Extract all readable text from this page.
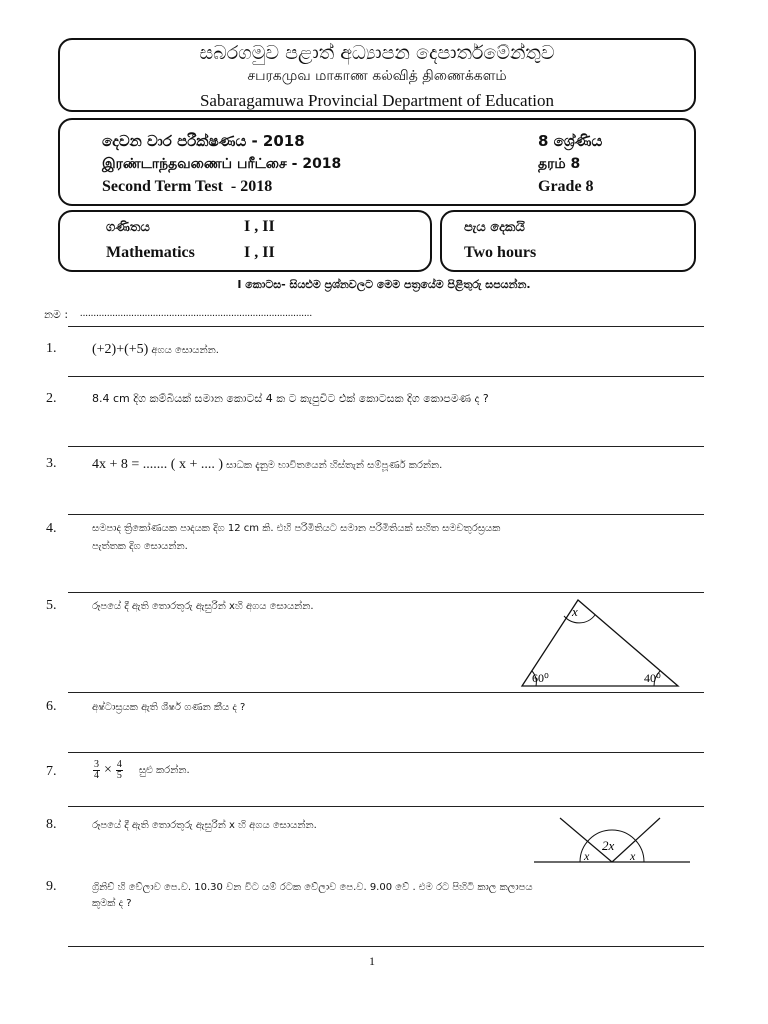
සබරගමුව පළාත් අධ්‍යාපන දෙපාර්තමේන්තුව
சபரகமுவ மாகாண கல்வித் திணைக்களம்
Sabaragamuwa Provincial Department of Education
දෙවන වාර පරීක්ෂණය - 2018
இரண்டாந்தவணைப் பரீட்சை - 2018
Second Term Test  - 2018
8 ශ්‍රේණිය
தரம் 8
Grade 8
ගණිතය	I , II
Mathematics	I , II
පැය දෙකයි
Two hours
I කොටස- සියළුම ප්‍රශ්නවලට මෙම පත්‍රයේම පිළිතුරු සපයන්න.
නම : ......................................................................................
1.	(+2)+(+5) අගය සොයන්න.
2.	8.4 cm දිග කම්බියක් සමාන කොටස් 4 ක ට කැපුවිට එක් කොටසක දිග කොපමණ ද ?
3.	4x + 8 = ....... ( x + .... ) සාධක දැනුම භාවිතයෙන් හිස්තැන් සම්පූර්ණ කරන්න.
4.	සමපාද ත්‍රිකෝණයක පාදයක දිග 12 cm කි. එහි පරිමිතියට සමාන පරිමිතියක් සහිත සමචතුරස්‍රයක
පැත්තක දිග සොයන්න.
5.	රූපයේ දී ඇති තොරතුරු ඇසුරින් xහි අගය සොයන්න.	x
60⁰	40⁰
6.	අෂ්ටාස්‍රයක ඇති ශීර්ෂ ගණන කීය ද ?
7.	$\frac{3}{4} \times \frac{4}{5}$ සුළු කරන්න.
8.	රූපයේ දී ඇති තොරතුරු ඇසුරින් x හි අගය සොයන්න.
2x
x	x
9.	ග්‍රිනිච් හි වේලාව පෙ.ව. 10.30 වන විට යම් රටක වේලාව පෙ.ව. 9.00 වේ . එම රට පිහිටි කාල කලාපය
කුමක් ද ?
1
